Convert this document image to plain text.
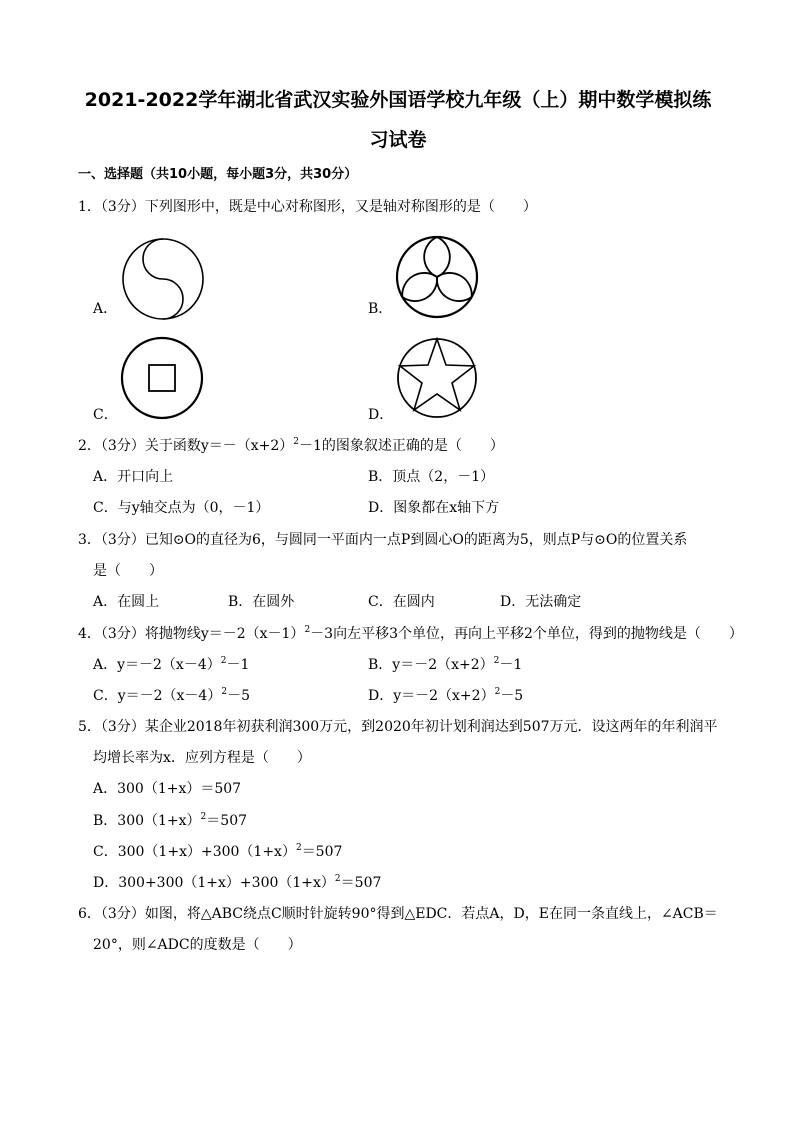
2021-2022学年湖北省武汉实验外国语学校九年级（上）期中数学模拟练
习试卷
一、选择题（共10小题，每小题3分，共30分）
1．（3分）下列图形中，既是中心对称图形，又是轴对称图形的是（　　）
A．	B．
C．	D．
2．（3分）关于函数$y=-(x+2)^2-1$的图象叙述正确的是（　　）
A．开口向上	B．顶点（2，－1）
C．与y轴交点为（0，－1）	D．图象都在x轴下方
3．（3分）已知⊙O的直径为6，与圆同一平面内一点P到圆心O的距离为5，则点P与⊙O的位置关系
是（　　）
A．在圆上	B．在圆外	C．在圆内	D．无法确定
4．（3分）将抛物线$y=-2(x-1)^2-3$向左平移3个单位，再向上平移2个单位，得到的抛物线是（　　）
A．$y=-2(x-4)^2-1$	B．$y=-2(x+2)^2-1$
C．$y=-2(x-4)^2-5$	D．$y=-2(x+2)^2-5$
5．（3分）某企业2018年初获利润300万元，到2020年初计划利润达到507万元．设这两年的年利润平
均增长率为x．应列方程是（　　）
A．300（1+x）＝507
B．$300(1+x)^2=507$
C．$300(1+x)+300(1+x)^2=507$
D．$300+300(1+x)+300(1+x)^2=507$
6．（3分）如图，将△ABC绕点C顺时针旋转90°得到△EDC．若点A，D，E在同一条直线上，∠ACB＝
20°，则∠ADC的度数是（　　）
